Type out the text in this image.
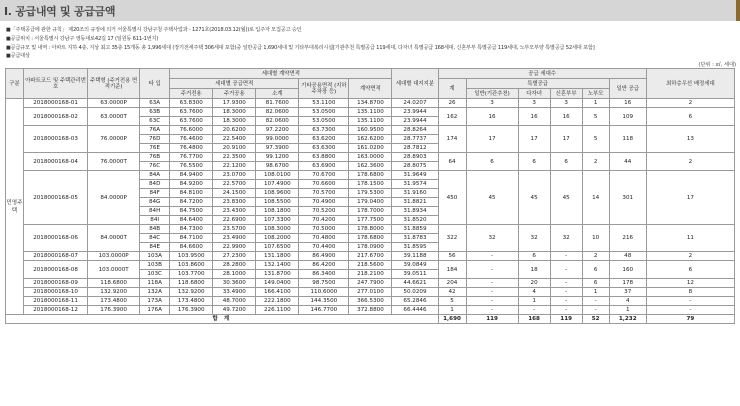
I. 공급내역 및 공급금액
■ 「주택공급에 관한 규칙」 제20조의 규정에 의거 서울특별시 강남구청 주택사업과 - 1271호(2018.03.12(월))로 입주자 모집공고 승인
■ 공급위치 : 서울특별시 강남구 영동대로42길 17 (일원동 611-1번지)
■ 공급규모 및 내역 : 아파트 지하 4층, 지상 최고 35층 15개동 총 1,996세대 (장기전세주택 306세대 포함)중 일반공급 1,690세대 및 기타부대복리시설[기관추천 특별공급 119세대, 다자녀 특별공급 168세대, 신혼부부 특별공급 119세대, 노부모부양 특별공급 52세대 포함]
■ 공급대상
(단위 : ㎡, 세대)
구분	아파트코드 및 주택관리번호	주택형 (주거전용 면적기준)	타 입	세대별 계약면적					세대별 대지지분	공급 세대수						최하층우선 배정세대
				세대별 공급면적			기타공용면적 (지하주차장 등)	계약면적		계	특별공급				일반 공급	
				주거전용	주거공용	소계					일반(기관추천)	다자녀	신혼부부	노부모		
민영주택	2018000168-01	63.0000P	63A	63.8300	17.9300	81.7600	53.1100	134.8700	24.0207	26	3	3	3	1	16	2
	2018000168-02	63.0000T	63B	63.7600	18.3000	82.0600	53.0500	135.1100	23.9944	162	16	16	16	5	109	6
			63C	63.7600	18.3000	82.0600	53.0500	135.1100	23.9944							
	2018000168-03	76.0000P	76A	76.6000	20.6200	97.2200	63.7300	160.9500	28.8264	174	17	17	17	5	118	13
			76D	76.4600	22.5400	99.0000	63.6200	162.6200	28.7737							
			76E	76.4800	20.9100	97.3900	63.6300	161.0200	28.7812							
	2018000168-04	76.0000T	76B	76.7700	22.3500	99.1200	63.8800	163.0000	28.8903	64	6	6	6	2	44	2
			76C	76.5500	22.1200	98.6700	63.6900	162.3600	28.8075							
	2018000168-05	84.0000P	84A	84.9400	23.0700	108.0100	70.6700	178.6800	31.9649	450	45	45	45	14	301	17
			84D	84.9200	22.5700	107.4900	70.6600	178.1500	31.9574							
			84F	84.8100	24.1500	108.9600	70.5700	179.5300	31.9160							
			84G	84.7200	23.8300	108.5500	70.4900	179.0400	31.8821							
			84H	84.7500	23.4300	108.1800	70.5200	178.7000	31.8934							
			84I	84.6400	22.6900	107.3300	70.4200	177.7500	31.8520							
	2018000168-06	84.0000T	84B	84.7300	23.5700	108.3000	70.5000	178.8000	31.8859	322	32	32	32	10	216	11
			84C	84.7100	23.4900	108.2000	70.4800	178.6800	31.8783							
			84E	84.6600	22.9900	107.6500	70.4400	178.0900	31.8595							
	2018000168-07	103.0000P	103A	103.9500	27.2300	131.1800	86.4900	217.6700	39.1188	56	-	6	-	2	48	2
	2018000168-08	103.0000T	103B	103.8600	28.2800	132.1400	86.4200	218.5600	39.0849	184	-	18	-	6	160	6
			103C	103.7700	28.1000	131.8700	86.3400	218.2100	39.0511							
	2018000168-09	118.6800	118A	118.6800	30.3600	149.0400	98.7500	247.7900	44.6621	204	-	20	-	6	178	12
	2018000168-10	132.9200	132A	132.9200	33.4900	166.4100	110.6000	277.0100	50.0209	42	-	4	-	1	37	8
	2018000168-11	173.4800	173A	173.4800	48.7000	222.1800	144.3500	366.5300	65.2846	5	-	1	-	-	4	-
	2018000168-12	176.3900	176A	176.3900	49.7200	226.1100	146.7700	372.8800	66.4446	1	-	-	-	-	1	-
합 계										1,690	119	168	119	52	1,232	79
